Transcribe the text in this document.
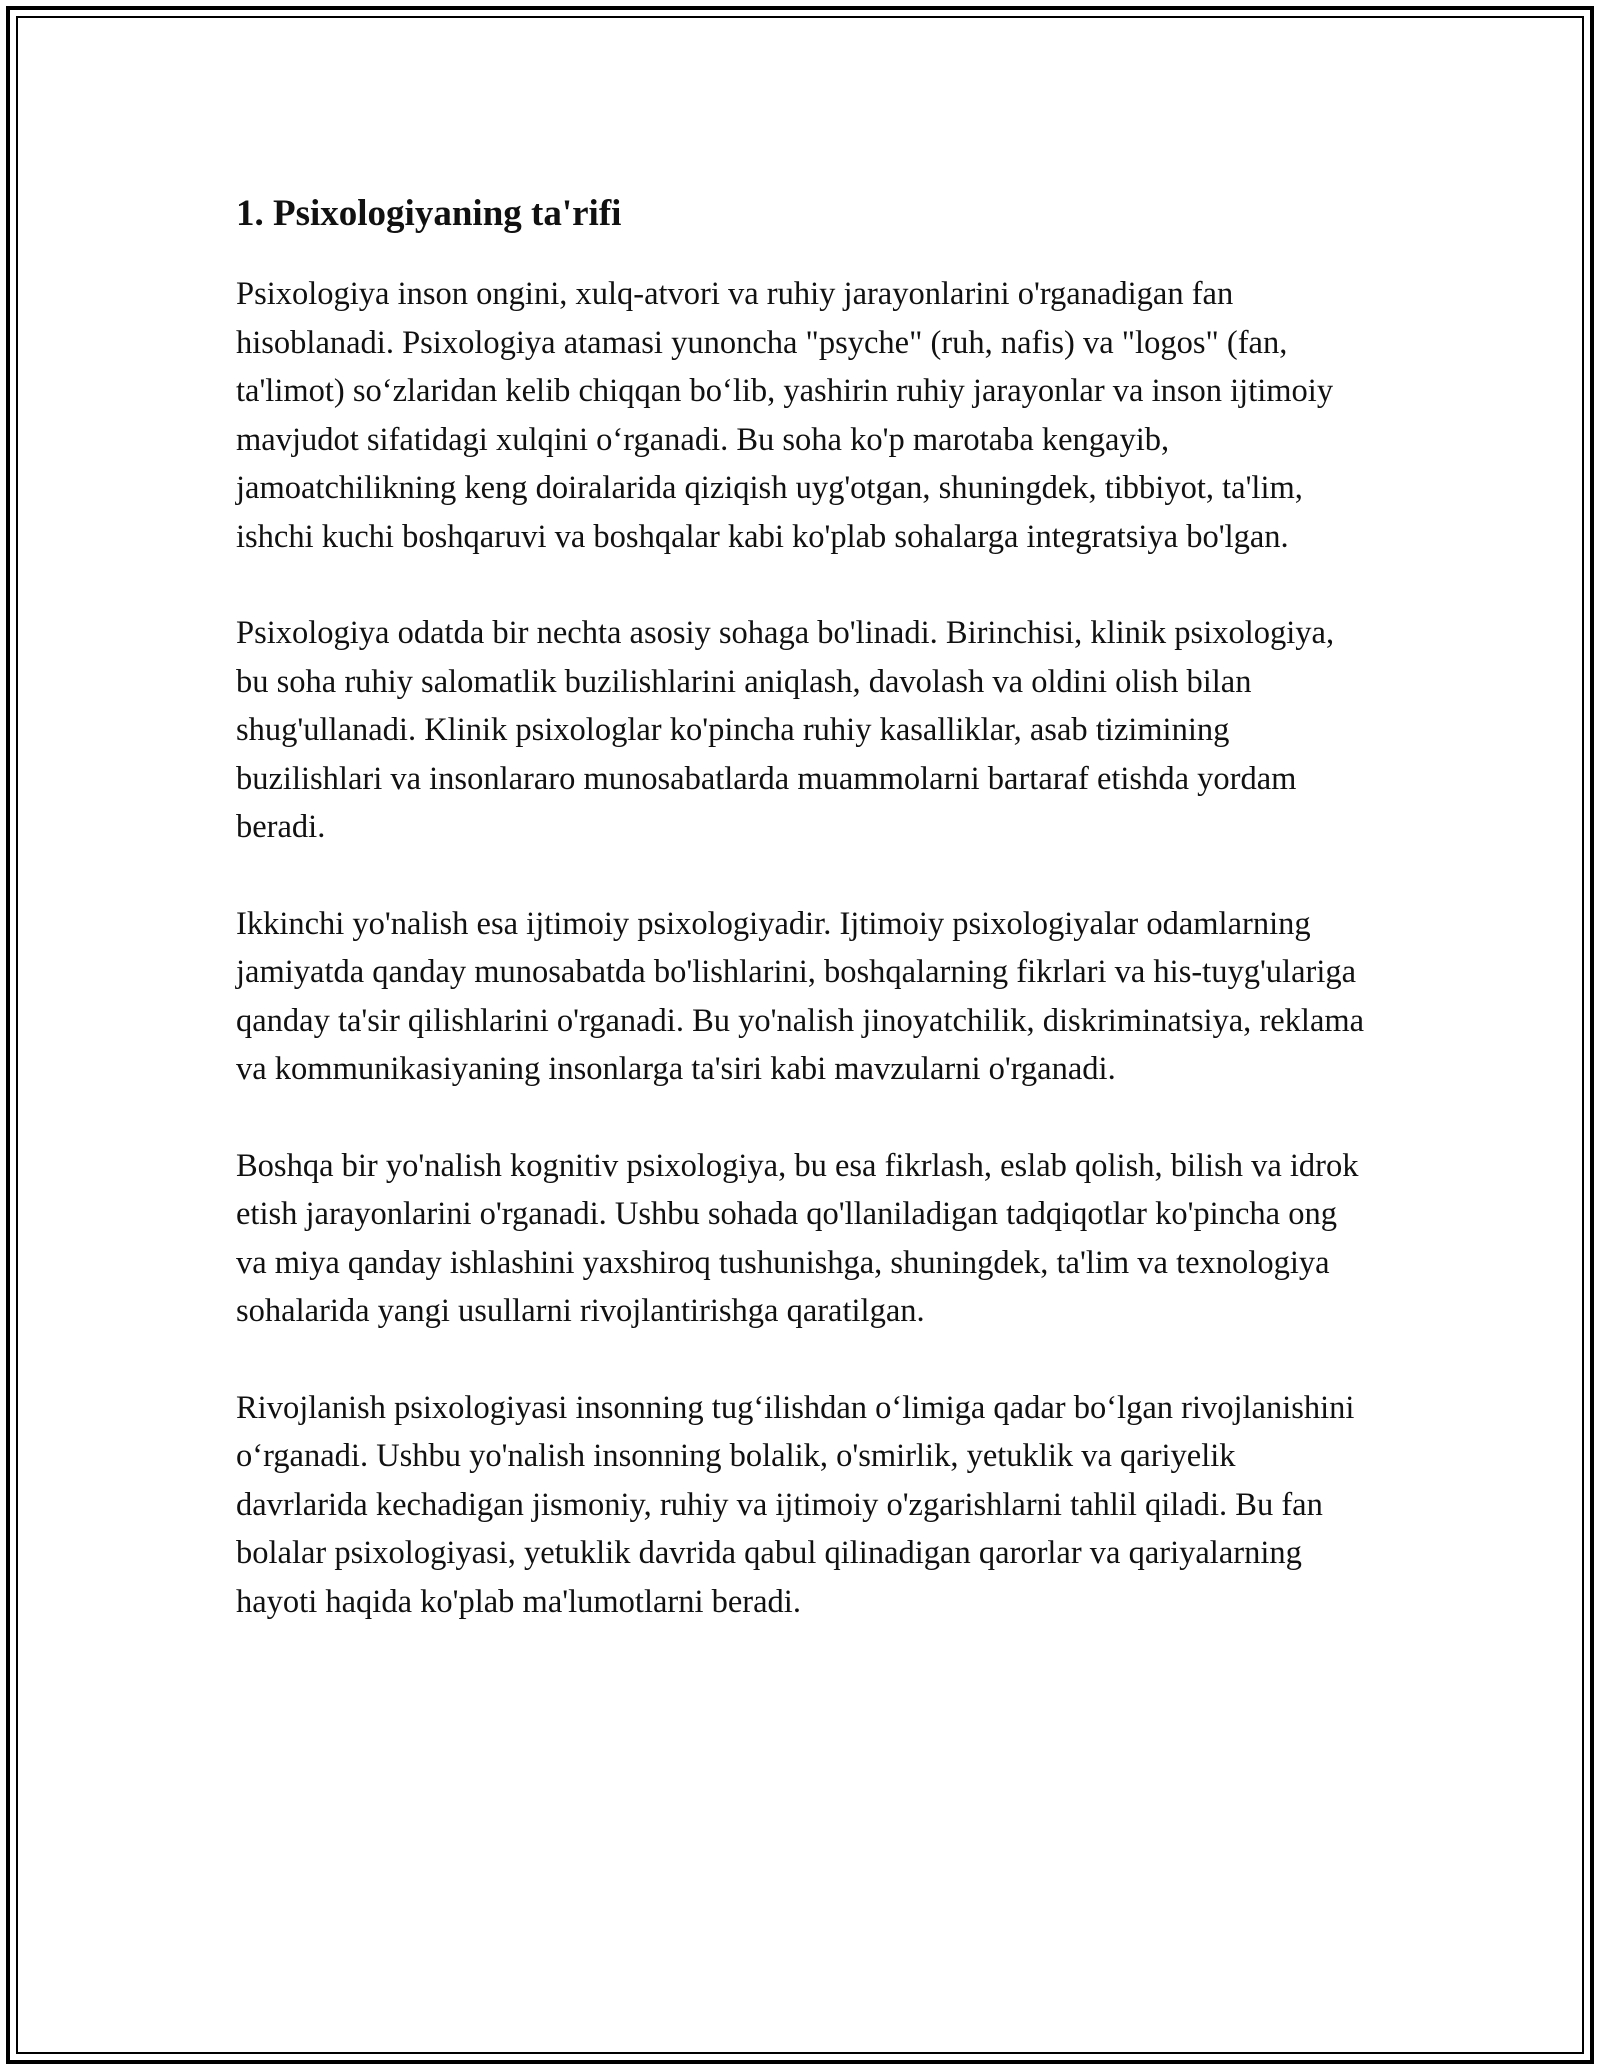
1. Psixologiyaning ta'rifi

Psixologiya inson ongini, xulq-atvori va ruhiy jarayonlarini o'rganadigan fan hisoblanadi. Psixologiya atamasi yunoncha "psyche" (ruh, nafis) va "logos" (fan, ta'limot) so‘zlaridan kelib chiqqan bo‘lib, yashirin ruhiy jarayonlar va inson ijtimoiy mavjudot sifatidagi xulqini o‘rganadi. Bu soha ko'p marotaba kengayib, jamoatchilikning keng doiralarida qiziqish uyg'otgan, shuningdek, tibbiyot, ta'lim, ishchi kuchi boshqaruvi va boshqalar kabi ko'plab sohalarga integratsiya bo'lgan.

Psixologiya odatda bir nechta asosiy sohaga bo'linadi. Birinchisi, klinik psixologiya, bu soha ruhiy salomatlik buzilishlarini aniqlash, davolash va oldini olish bilan shug'ullanadi. Klinik psixologlar ko'pincha ruhiy kasalliklar, asab tizimining buzilishlari va insonlararo munosabatlarda muammolarni bartaraf etishda yordam beradi.

Ikkinchi yo'nalish esa ijtimoiy psixologiyadir. Ijtimoiy psixologiyalar odamlarning jamiyatda qanday munosabatda bo'lishlarini, boshqalarning fikrlari va his-tuyg'ulariga qanday ta'sir qilishlarini o'rganadi. Bu yo'nalish jinoyatchilik, diskriminatsiya, reklama va kommunikasiyaning insonlarga ta'siri kabi mavzularni o'rganadi.

Boshqa bir yo'nalish kognitiv psixologiya, bu esa fikrlash, eslab qolish, bilish va idrok etish jarayonlarini o'rganadi. Ushbu sohada qo'llaniladigan tadqiqotlar ko'pincha ong va miya qanday ishlashini yaxshiroq tushunishga, shuningdek, ta'lim va texnologiya sohalarida yangi usullarni rivojlantirishga qaratilgan.

Rivojlanish psixologiyasi insonning tug‘ilishdan o‘limiga qadar bo‘lgan rivojlanishini o‘rganadi. Ushbu yo'nalish insonning bolalik, o'smirlik, yetuklik va qariyelik davrlarida kechadigan jismoniy, ruhiy va ijtimoiy o'zgarishlarni tahlil qiladi. Bu fan bolalar psixologiyasi, yetuklik davrida qabul qilinadigan qarorlar va qariyalarning hayoti haqida ko'plab ma'lumotlarni beradi.
